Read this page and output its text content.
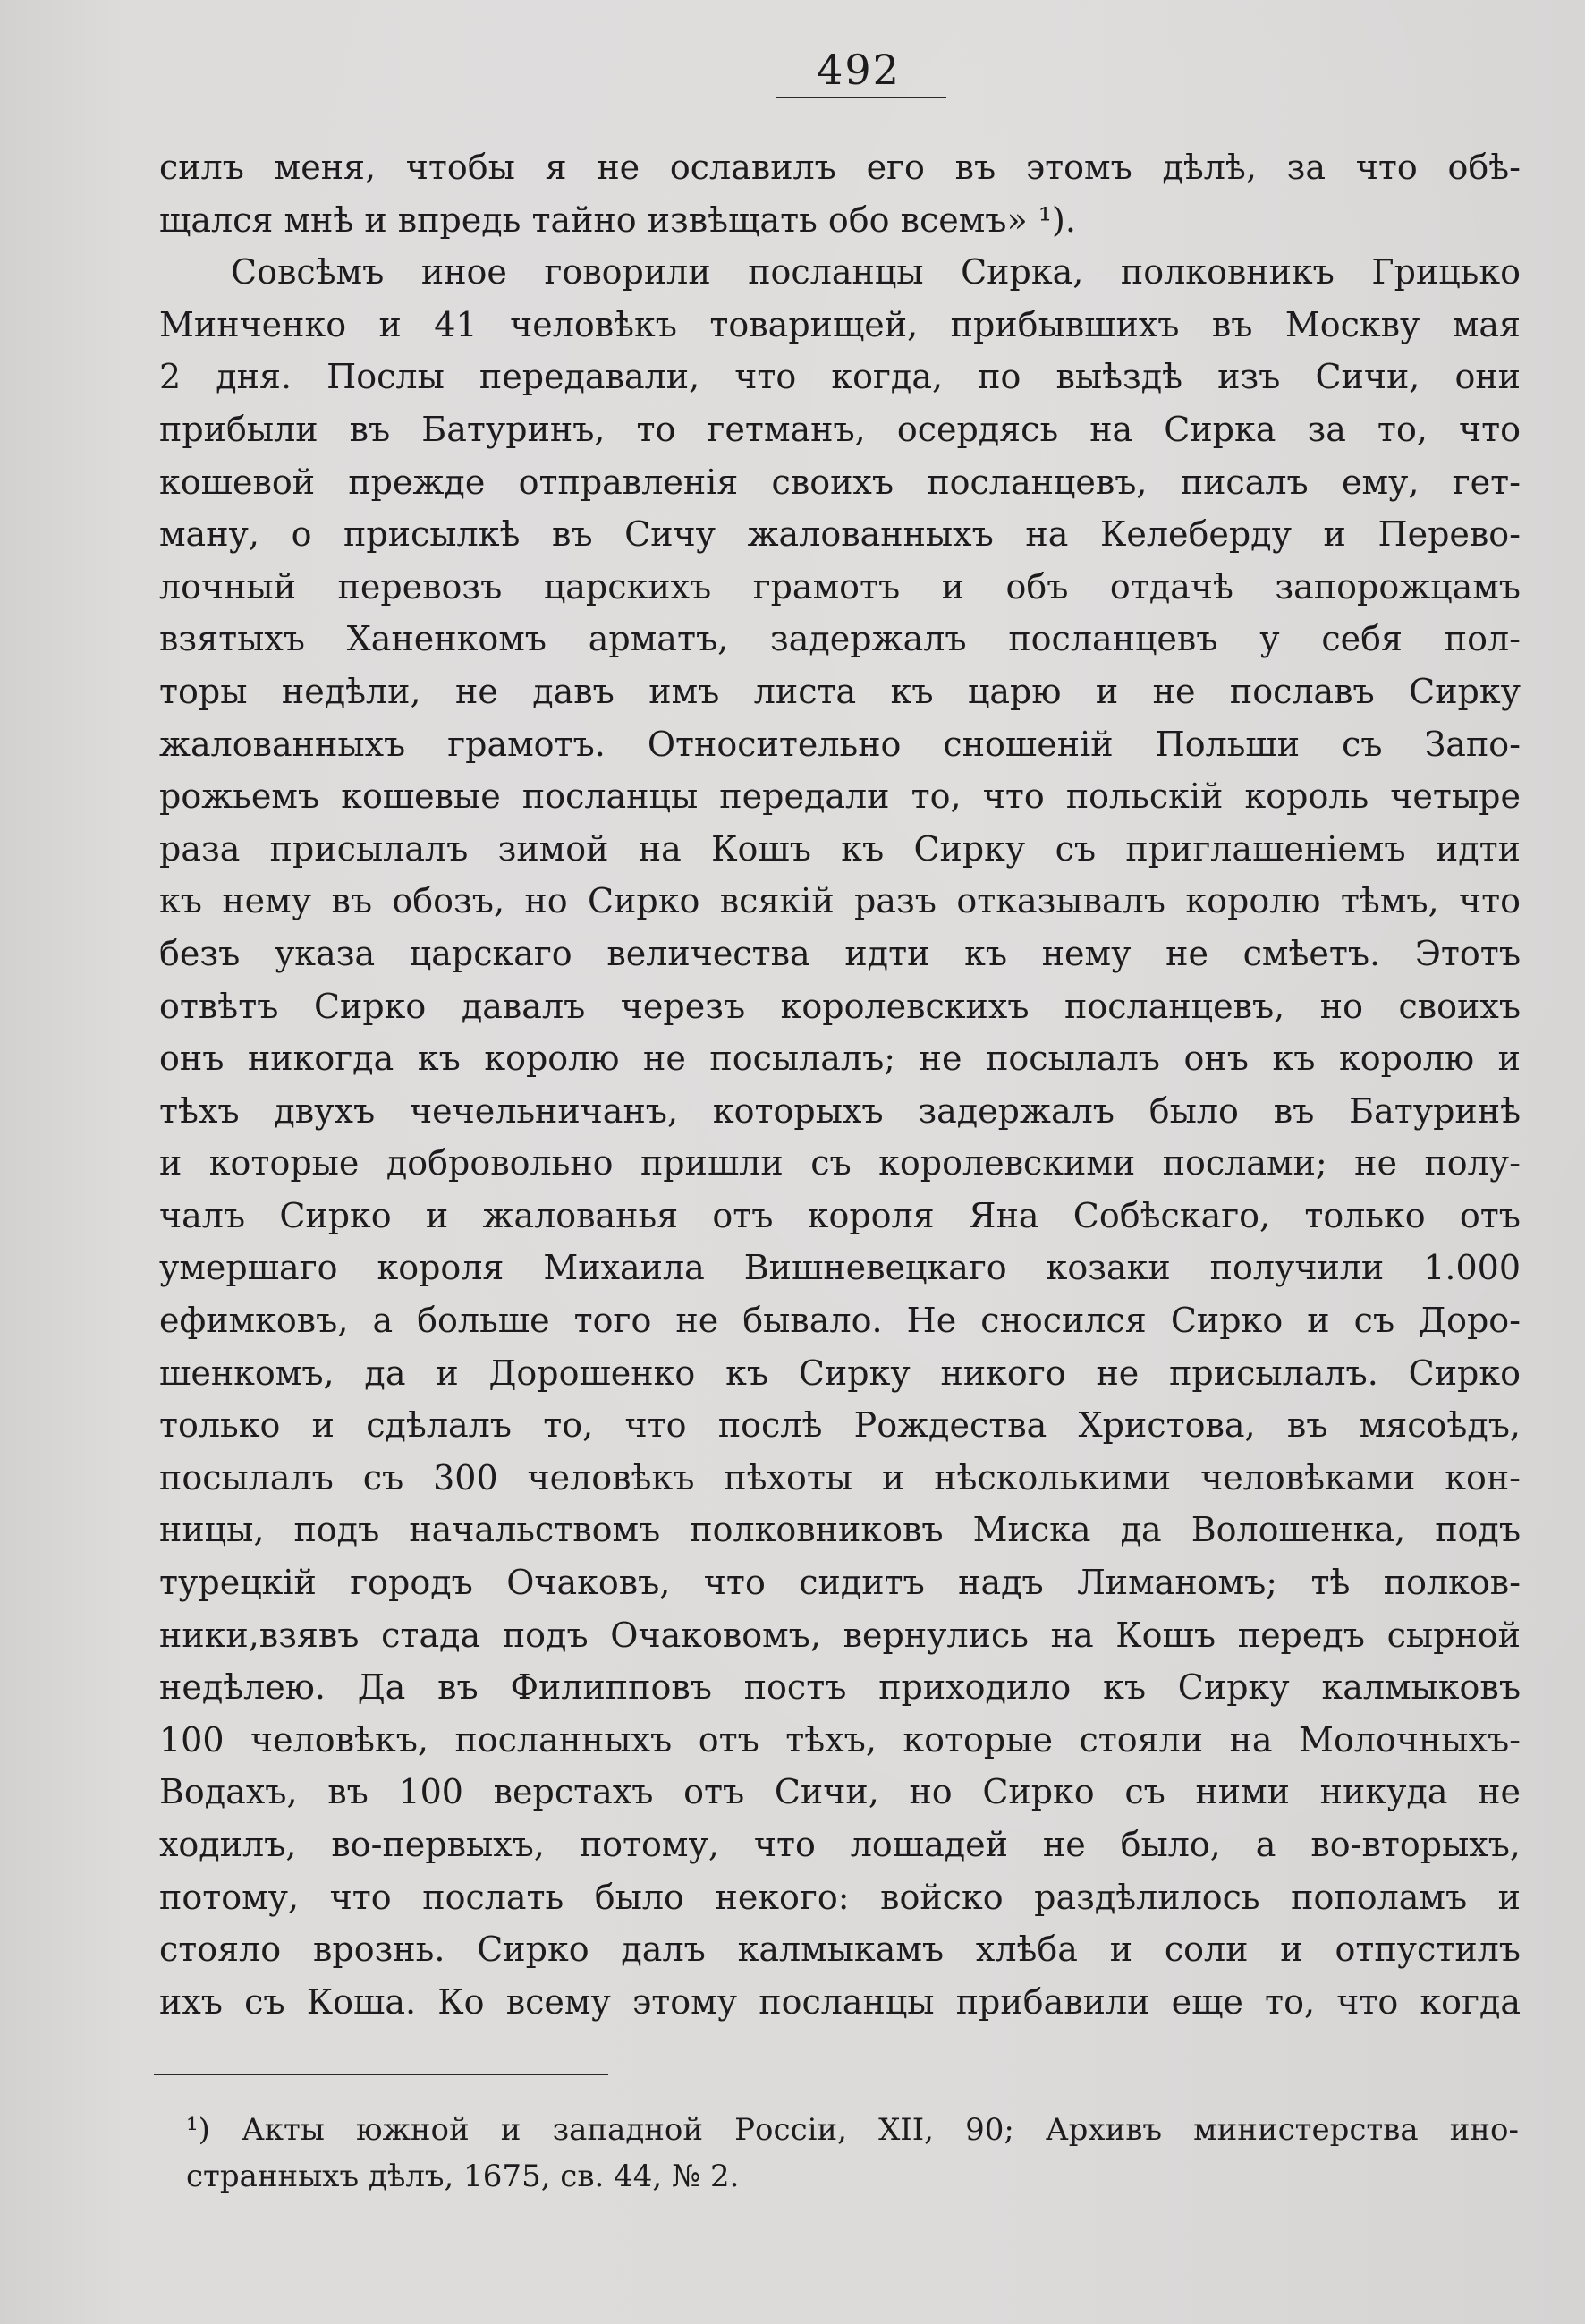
492
силъ меня, чтобы я не ославилъ его въ этомъ дѣлѣ, за что обѣ-
щался мнѣ и впредь тайно извѣщать обо всемъ» ¹).
Совсѣмъ иное говорили посланцы Сирка, полковникъ Грицько
Минченко и 41 человѣкъ товарищей, прибывшихъ въ Москву мая
2 дня. Послы передавали, что когда, по выѣздѣ изъ Сичи, они
прибыли въ Батуринъ, то гетманъ, осердясь на Сирка за то, что
кошевой прежде отправленія своихъ посланцевъ, писалъ ему, гет-
ману, о присылкѣ въ Сичу жалованныхъ на Келеберду и Перево-
лочный перевозъ царскихъ грамотъ и объ отдачѣ запорожцамъ
взятыхъ Ханенкомъ арматъ, задержалъ посланцевъ у себя пол-
торы недѣли, не давъ имъ листа къ царю и не пославъ Сирку
жалованныхъ грамотъ. Относительно сношеній Польши съ Запо-
рожьемъ кошевые посланцы передали то, что польскій король четыре
раза присылалъ зимой на Кошъ къ Сирку съ приглашеніемъ идти
къ нему въ обозъ, но Сирко всякій разъ отказывалъ королю тѣмъ, что
безъ указа царскаго величества идти къ нему не смѣетъ. Этотъ
отвѣтъ Сирко давалъ черезъ королевскихъ посланцевъ, но своихъ
онъ никогда къ королю не посылалъ; не посылалъ онъ къ королю и
тѣхъ двухъ чечельничанъ, которыхъ задержалъ было въ Батуринѣ
и которые добровольно пришли съ королевскими послами; не полу-
чалъ Сирко и жалованья отъ короля Яна Собѣскаго, только отъ
умершаго короля Михаила Вишневецкаго козаки получили 1.000
ефимковъ, а больше того не бывало. Не сносился Сирко и съ Доро-
шенкомъ, да и Дорошенко къ Сирку никого не присылалъ. Сирко
только и сдѣлалъ то, что послѣ Рождества Христова, въ мясоѣдъ,
посылалъ съ 300 человѣкъ пѣхоты и нѣсколькими человѣками кон-
ницы, подъ начальствомъ полковниковъ Миска да Волошенка, подъ
турецкій городъ Очаковъ, что сидитъ надъ Лиманомъ; тѣ полков-
ники,взявъ стада подъ Очаковомъ, вернулись на Кошъ передъ сырной
недѣлею. Да въ Филипповъ постъ приходило къ Сирку калмыковъ
100 человѣкъ, посланныхъ отъ тѣхъ, которые стояли на Молочныхъ-
Водахъ, въ 100 верстахъ отъ Сичи, но Сирко съ ними никуда не
ходилъ, во-первыхъ, потому, что лошадей не было, а во-вторыхъ,
потому, что послать было некого: войско раздѣлилось пополамъ и
стояло врознь. Сирко далъ калмыкамъ хлѣба и соли и отпустилъ
ихъ съ Коша. Ко всему этому посланцы прибавили еще то, что когда
¹) Акты южной и западной Россіи, XII, 90; Архивъ министерства ино-
странныхъ дѣлъ, 1675, св. 44, № 2.
